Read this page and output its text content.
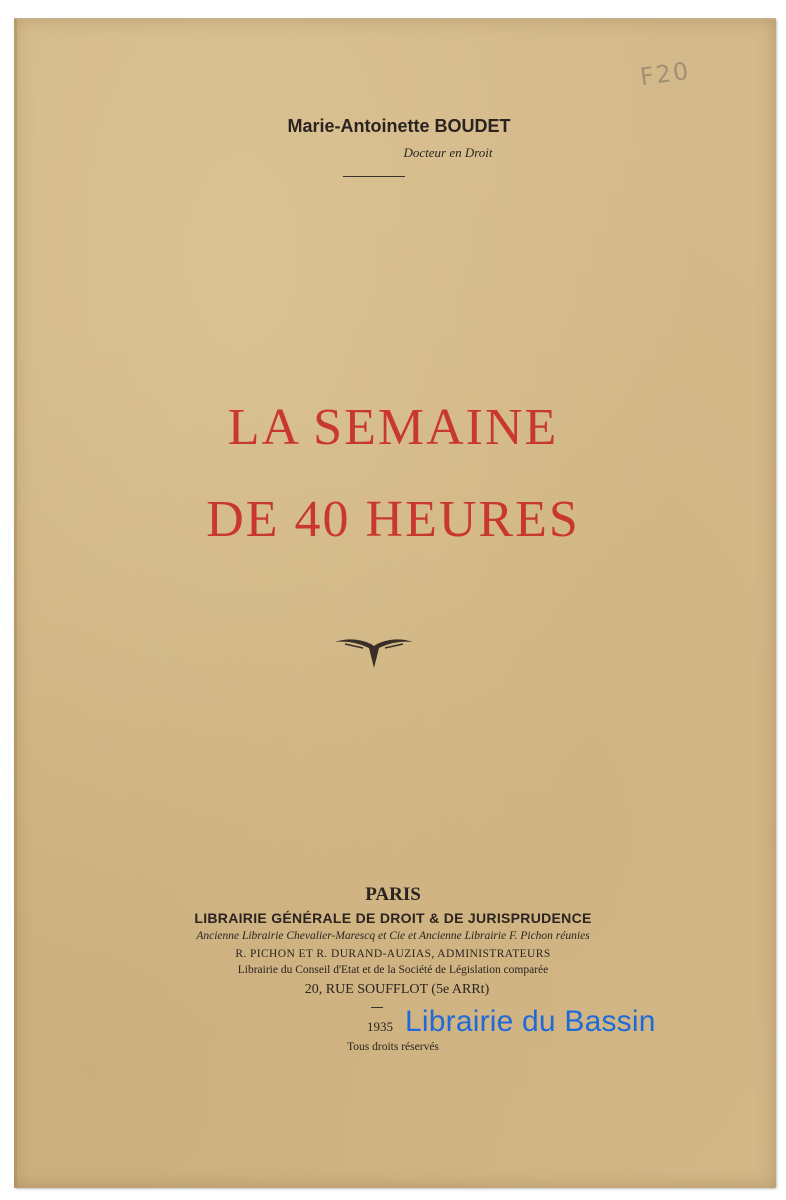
F20
Marie-Antoinette BOUDET
Docteur en Droit
LA SEMAINE
DE 40 HEURES
PARIS
LIBRAIRIE GÉNÉRALE DE DROIT & DE JURISPRUDENCE
Ancienne Librairie Chevalier-Marescq et Cie et Ancienne Librairie F. Pichon réunies
R. PICHON ET R. DURAND-AUZIAS, ADMINISTRATEURS
Librairie du Conseil d'Etat et de la Société de Législation comparée
20, RUE SOUFFLOT (5e ARRt)
1935
Tous droits réservés
Librairie du Bassin
